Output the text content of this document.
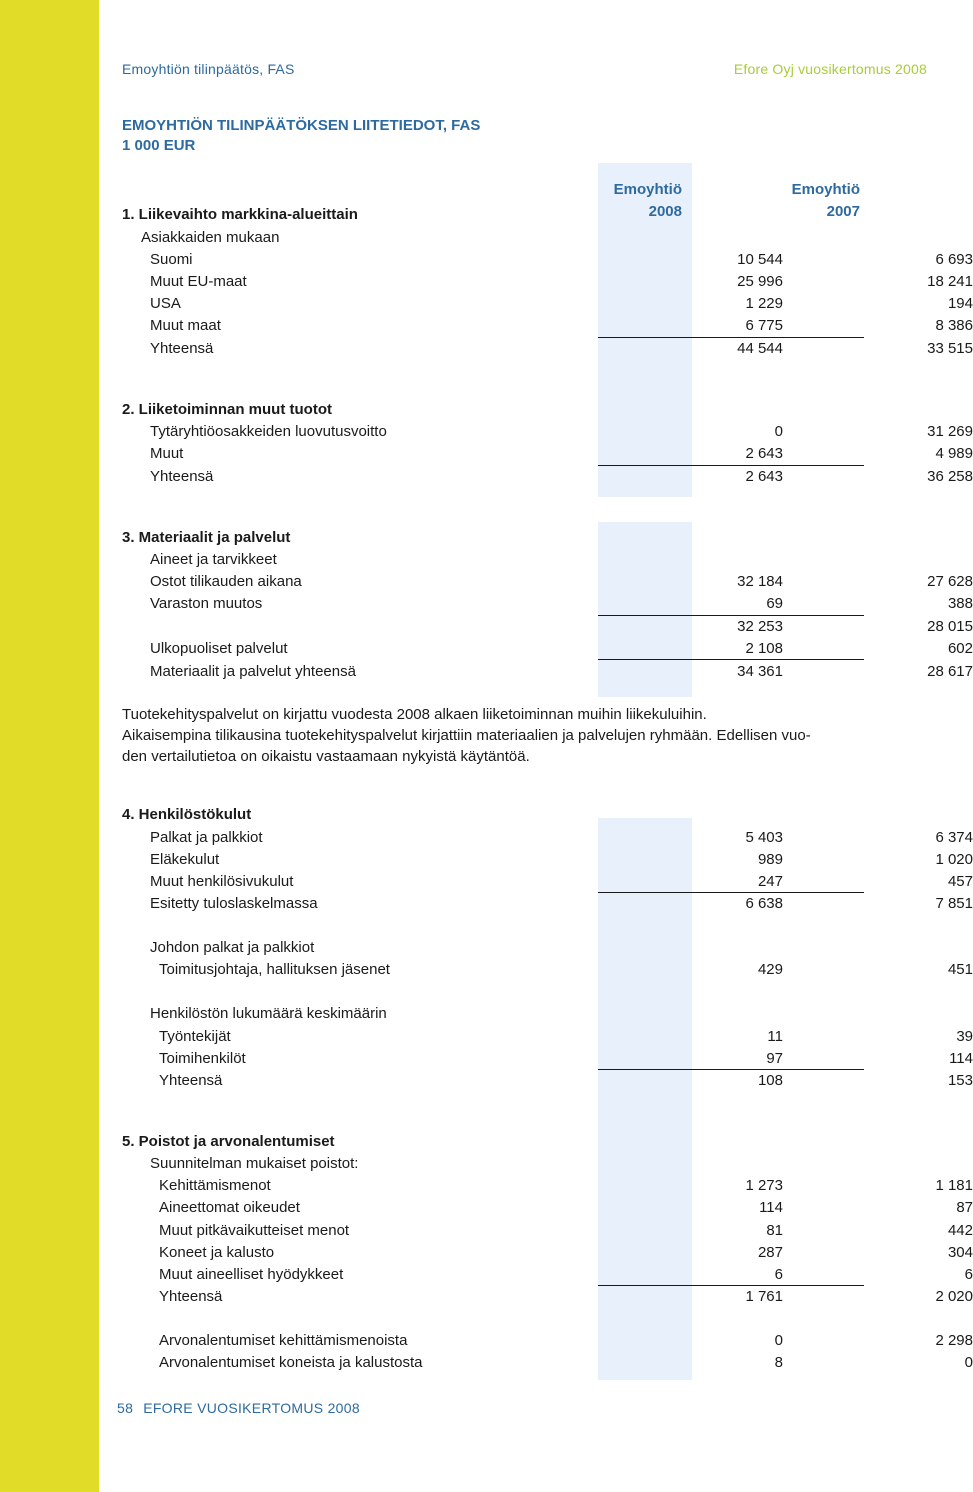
Emoyhtiön tilinpäätös, FAS	Efore Oyj vuosikertomus 2008
EMOYHTIÖN TILINPÄÄTÖKSEN LIITETIEDOT, FAS
1 000 EUR
Emoyhtiö
2008
Emoyhtiö
2007
1. Liikevaihto markkina-alueittain
Asiakkaiden mukaan
Suomi	10 544	6 693
Muut EU-maat	25 996	18 241
USA	1 229	194
Muut maat	6 775	8 386
Yhteensä	44 544	33 515
2. Liiketoiminnan muut tuotot
Tytäryhtiöosakkeiden luovutusvoitto	0	31 269
Muut	2 643	4 989
Yhteensä	2 643	36 258
3. Materiaalit ja palvelut
Aineet ja tarvikkeet
Ostot tilikauden aikana	32 184	27 628
Varaston muutos	69	388
32 253	28 015
Ulkopuoliset palvelut	2 108	602
Materiaalit ja palvelut yhteensä	34 361	28 617
Tuotekehityspalvelut on kirjattu vuodesta 2008 alkaen liiketoiminnan muihin liikekuluihin.
Aikaisempina tilikausina tuotekehityspalvelut kirjattiin materiaalien ja palvelujen ryhmään. Edellisen vuo-
den vertailutietoa on oikaistu vastaamaan nykyistä käytäntöä.
4. Henkilöstökulut
Palkat ja palkkiot	5 403	6 374
Eläkekulut	989	1 020
Muut henkilösivukulut	247	457
Esitetty tuloslaskelmassa	6 638	7 851
Johdon palkat ja palkkiot
Toimitusjohtaja, hallituksen jäsenet	429	451
Henkilöstön lukumäärä keskimäärin
Työntekijät	11	39
Toimihenkilöt	97	114
Yhteensä	108	153
5. Poistot ja arvonalentumiset
Suunnitelman mukaiset poistot:
Kehittämismenot	1 273	1 181
Aineettomat oikeudet	114	87
Muut pitkävaikutteiset menot	81	442
Koneet ja kalusto	287	304
Muut aineelliset hyödykkeet	6	6
Yhteensä	1 761	2 020
Arvonalentumiset kehittämismenoista	0	2 298
Arvonalentumiset koneista ja kalustosta	8	0
58 EFORE VUOSIKERTOMUS 2008
